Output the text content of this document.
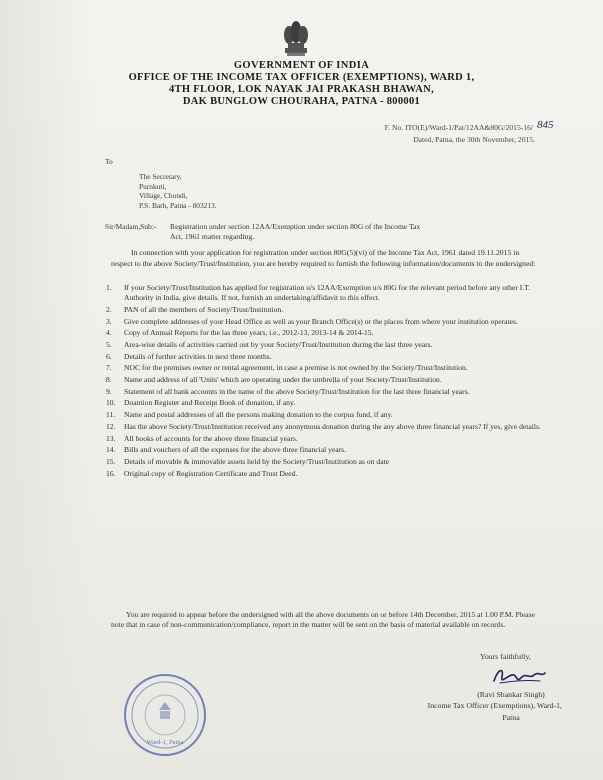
GOVERNMENT OF INDIA
OFFICE OF THE INCOME TAX OFFICER (EXEMPTIONS), WARD 1,
4TH FLOOR, LOK NAYAK JAI PRAKASH BHAWAN,
DAK BUNGLOW CHOURAHA, PATNA - 800001
F. No. ITO(E)/Ward-1/Pat/12AA&80G/2015-16/ 845
Dated, Patna, the 30th November, 2015.
To
The Secretary,
Purnkuti,
Village, Chondi,
P.S. Barh, Patna - 803213.
Sir/Madam, Sub:- Registration under section 12AA/Exemption under section 80G of the Income Tax
Act, 1961 matter regarding.
In connection with your application for registration under section 80G(5)(vi) of the Income Tax Act, 1961 dated 19.11.2015 in respect to the above Society/Trust/Institution, you are hereby required to furnish the following information/documents to the undersigned:
1.	If your Society/Trust/Institution has applied for registration u/s 12AA/Exemption u/s 80G for the relevant period before any other I.T. Authority in India, give details. If not, furnish an undertaking/affidavit to this effect.
2.	PAN of all the members of Society/Trust/Institution.
3.	Give complete addresses of your Head Office as well as your Branch Office(s) or the places from where your institution operates.
4.	Copy of Annual Reports for the las three years, i.e., 2012-13, 2013-14 & 2014-15.
5.	Area-wise details of activities carried out by your Society/Trust/Institution during the last three years.
6.	Details of further activities in next three months.
7.	NOC for the premises owner or rental agreement, in case a premise is not owned by the Society/Trust/Institution.
8.	Name and address of all 'Units' which are operating under the umbrella of your Society/Trust/Institution.
9.	Statement of all bank accounts in the name of the above Society/Trust/Institution for the last three financial years.
10.	Doantion Register and Receipt Book of donation, if any.
11.	Name and postal addresses of all the persons making donation to the corpus fund, if any.
12.	Has the above Society/Trust/Institution received any anonymous donation during the any above three financial years? If yes, give details.
13.	All books of accounts for the above three financial years.
14.	Bills and vouchers of all the expenses for the above three financial years.
15.	Details of movable & immovable assets held by the Society/Trust/Institution as on date
16.	Original copy of Registration Certificate and Trust Deed.
You are required to appear before the undersigned with all the above documents on or before 14th December, 2015 at 1.00 P.M. Please note that in case of non-communication/compliance, report in the matter will be sent on the basis of material available on records.
Yours faithfully,
(Ravi Shankar Singh)
Income Tax Officer (Exemptions), Ward-1,
Patna
Ward-1, Patna
